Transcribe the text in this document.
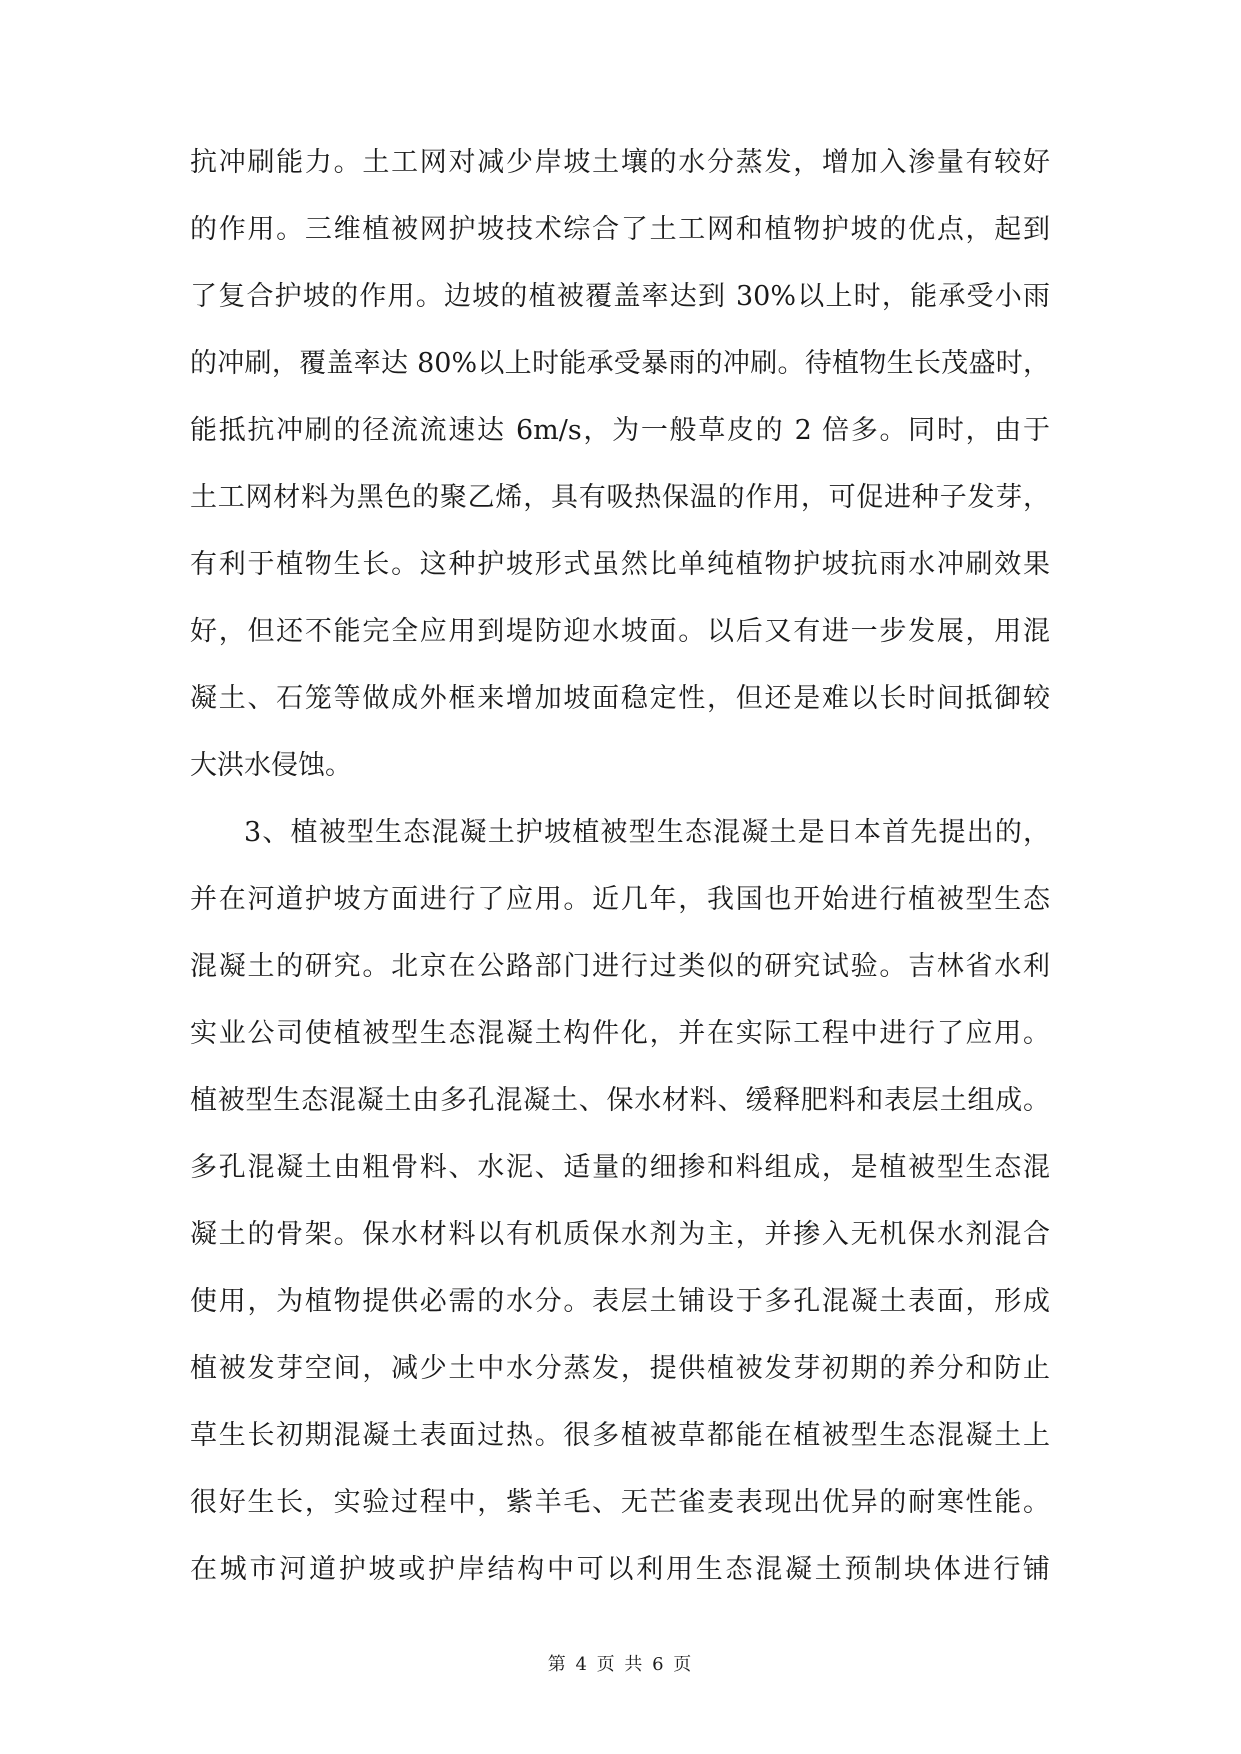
抗冲刷能力。土工网对减少岸坡土壤的水分蒸发，增加入渗量有较好
的作用。三维植被网护坡技术综合了土工网和植物护坡的优点，起到
了复合护坡的作用。边坡的植被覆盖率达到 30%以上时，能承受小雨
的冲刷，覆盖率达 80%以上时能承受暴雨的冲刷。待植物生长茂盛时，
能抵抗冲刷的径流流速达 6m/s，为一般草皮的 2 倍多。同时，由于
土工网材料为黑色的聚乙烯，具有吸热保温的作用，可促进种子发芽，
有利于植物生长。这种护坡形式虽然比单纯植物护坡抗雨水冲刷效果
好，但还不能完全应用到堤防迎水坡面。以后又有进一步发展，用混
凝土、石笼等做成外框来增加坡面稳定性，但还是难以长时间抵御较
大洪水侵蚀。
3、植被型生态混凝土护坡植被型生态混凝土是日本首先提出的，
并在河道护坡方面进行了应用。近几年，我国也开始进行植被型生态
混凝土的研究。北京在公路部门进行过类似的研究试验。吉林省水利
实业公司使植被型生态混凝土构件化，并在实际工程中进行了应用。
植被型生态混凝土由多孔混凝土、保水材料、缓释肥料和表层土组成。
多孔混凝土由粗骨料、水泥、适量的细掺和料组成，是植被型生态混
凝土的骨架。保水材料以有机质保水剂为主，并掺入无机保水剂混合
使用，为植物提供必需的水分。表层土铺设于多孔混凝土表面，形成
植被发芽空间，减少土中水分蒸发，提供植被发芽初期的养分和防止
草生长初期混凝土表面过热。很多植被草都能在植被型生态混凝土上
很好生长，实验过程中，紫羊毛、无芒雀麦表现出优异的耐寒性能。
在城市河道护坡或护岸结构中可以利用生态混凝土预制块体进行铺
第 4 页 共 6 页
